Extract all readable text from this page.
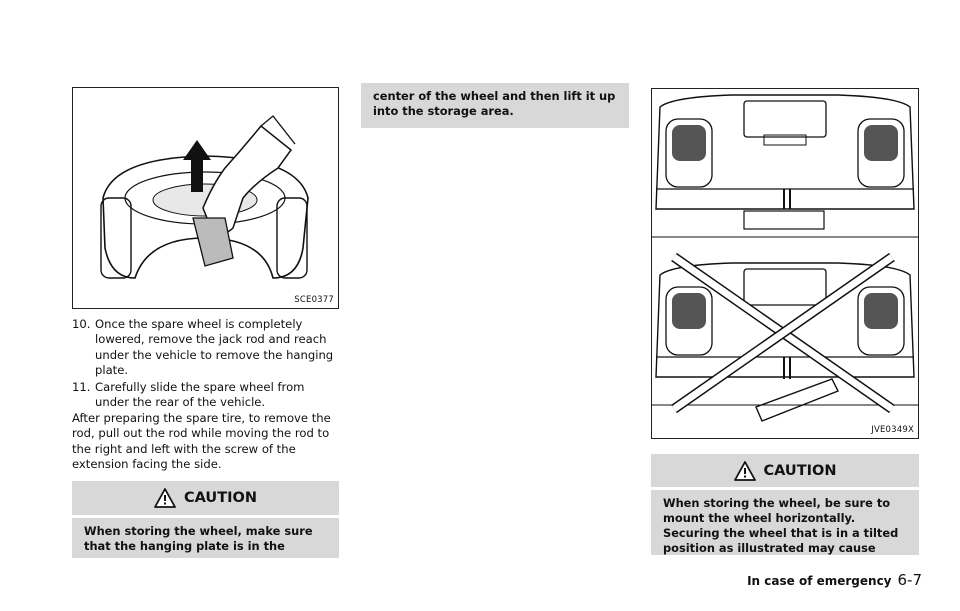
SCE0377
10. Once the spare wheel is completely lowered, remove the jack rod and reach under the vehicle to remove the hanging plate.
11. Carefully slide the spare wheel from under the rear of the vehicle.
After preparing the spare tire, to remove the rod, pull out the rod while moving the rod to the right and left with the screw of the extension facing the side.
CAUTION
When storing the wheel, make sure that the hanging plate is in the
center of the wheel and then lift it up into the storage area.
JVE0349X
CAUTION
When storing the wheel, be sure to mount the wheel horizontally. Securing the wheel that is in a tilted position as illustrated may cause
In case of emergency 6-7
